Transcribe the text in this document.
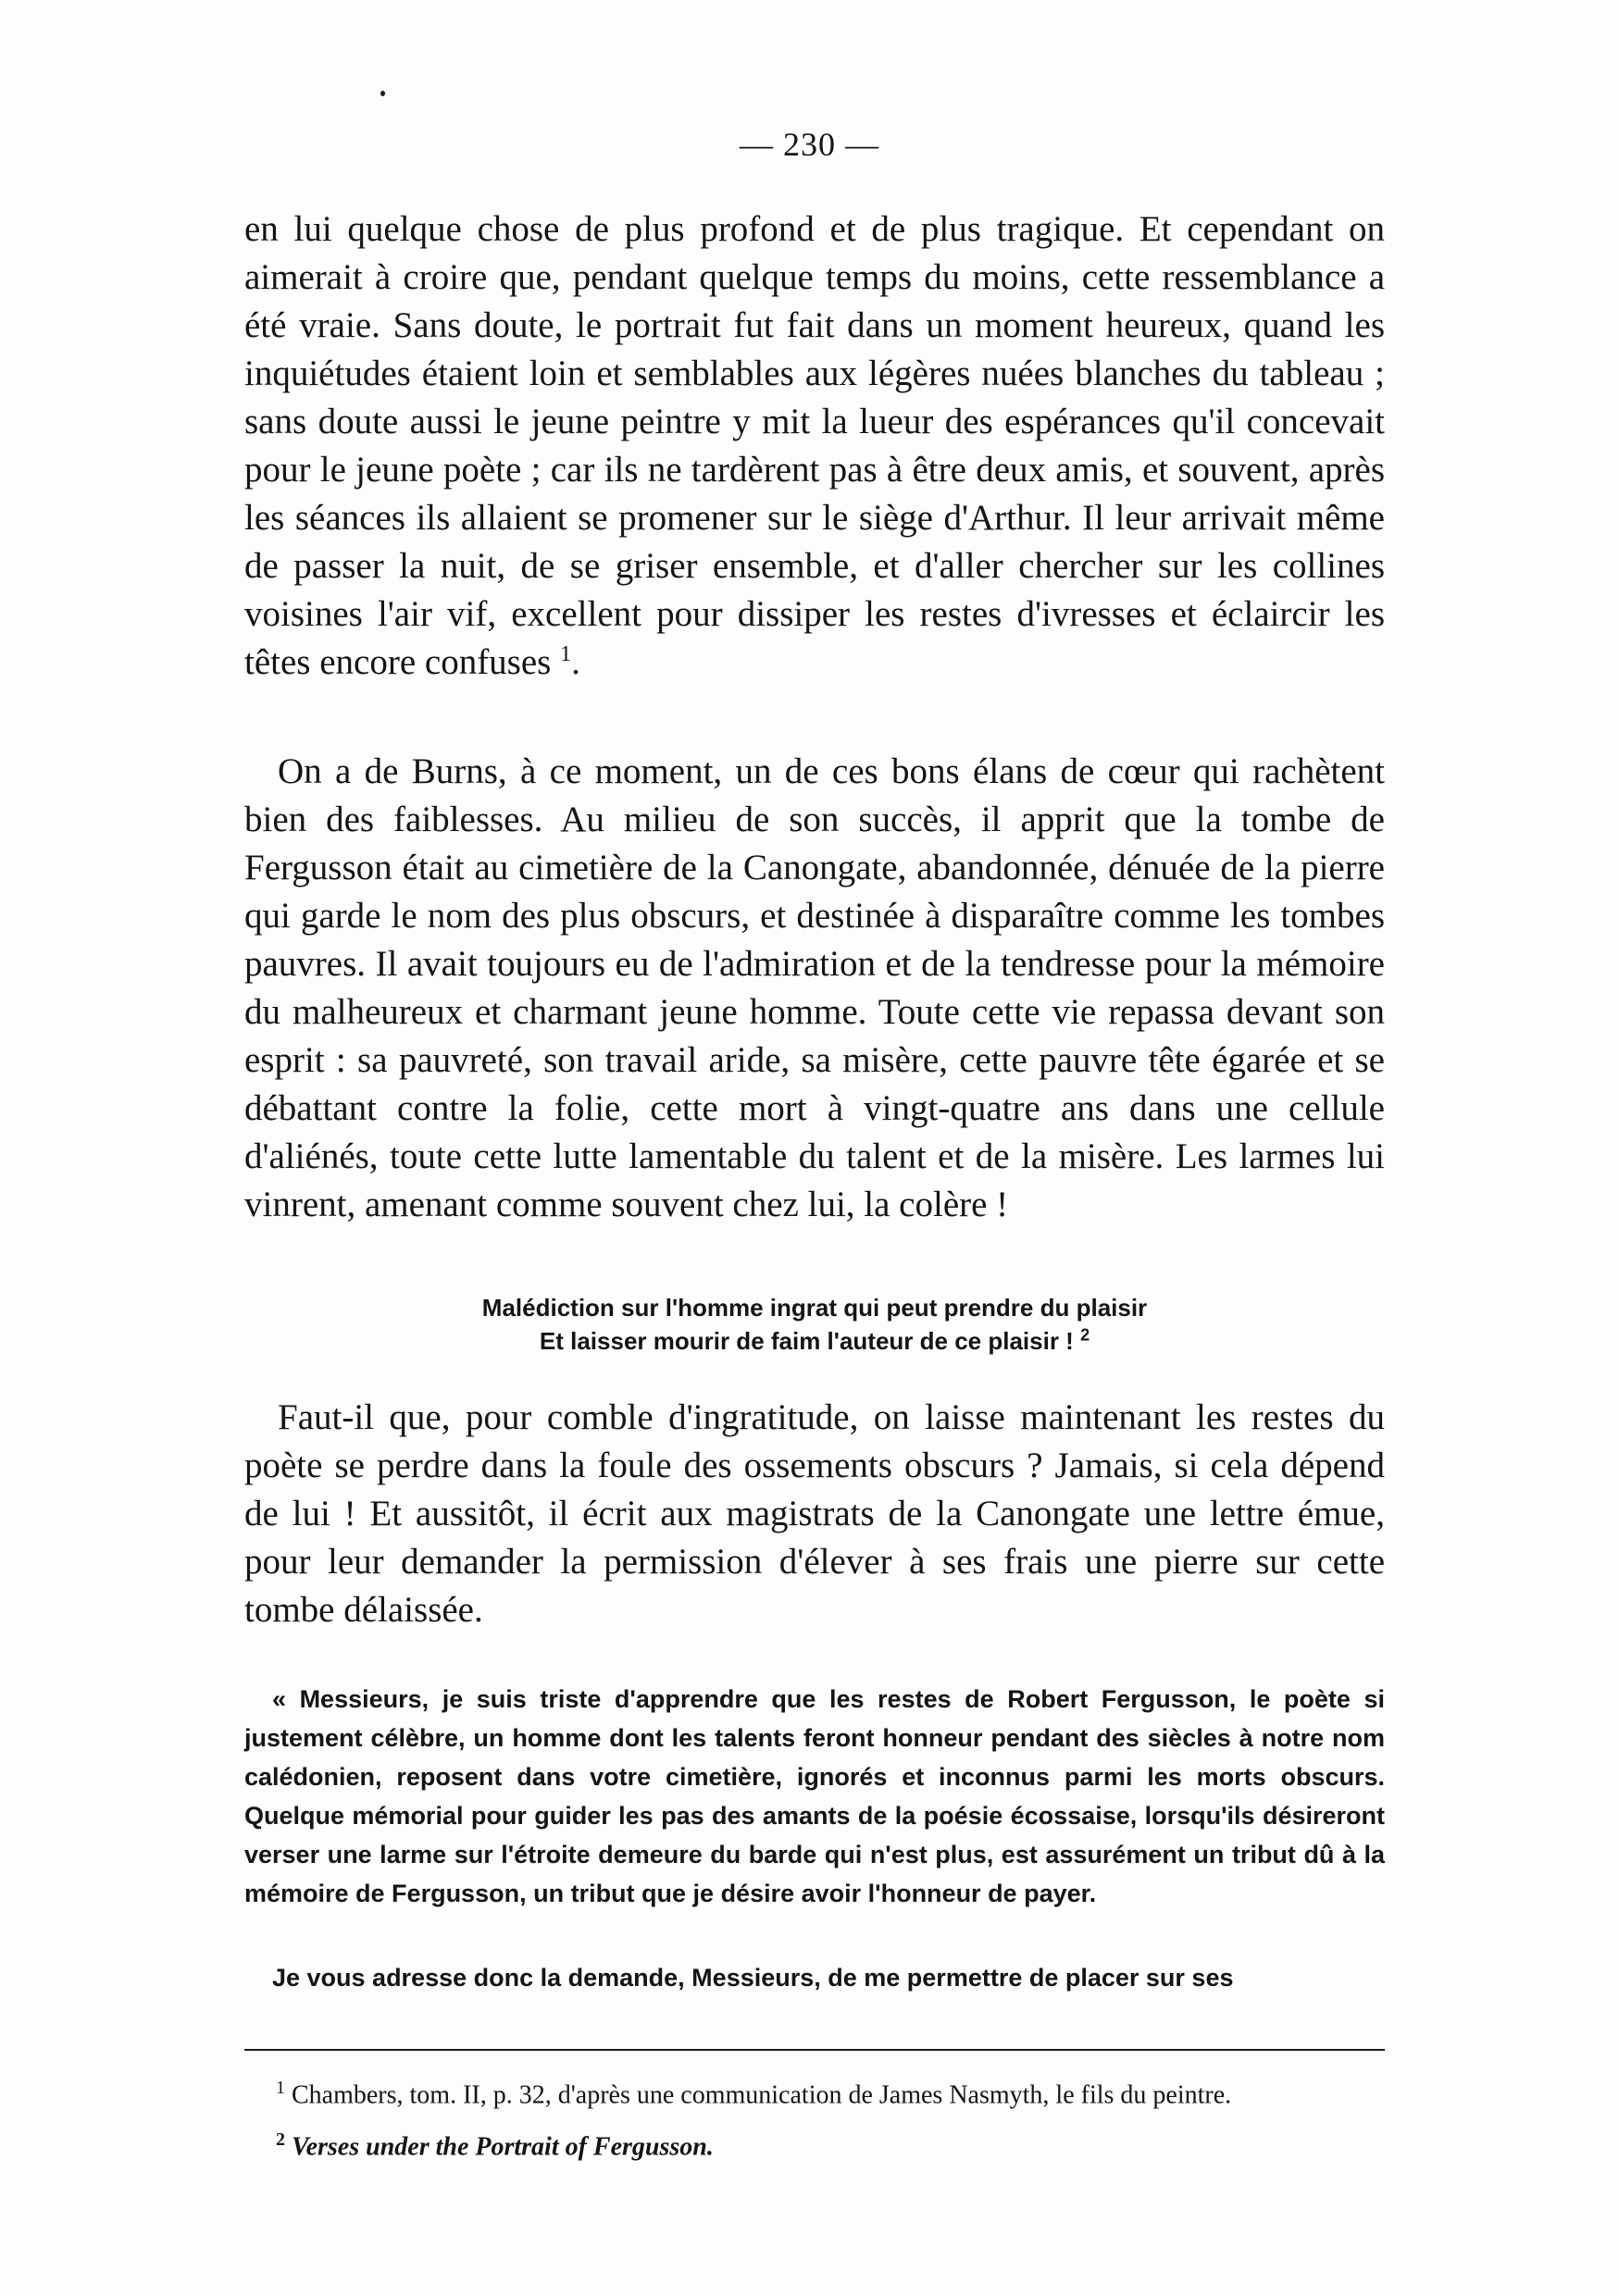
— 230 —

en lui quelque chose de plus profond et de plus tragique. Et cependant on aimerait à croire que, pendant quelque temps du moins, cette ressemblance a été vraie. Sans doute, le portrait fut fait dans un moment heureux, quand les inquiétudes étaient loin et semblables aux légères nuées blanches du tableau ; sans doute aussi le jeune peintre y mit la lueur des espérances qu'il concevait pour le jeune poète ; car ils ne tardèrent pas à être deux amis, et souvent, après les séances ils allaient se promener sur le siège d'Arthur. Il leur arrivait même de passer la nuit, de se griser ensemble, et d'aller chercher sur les collines voisines l'air vif, excellent pour dissiper les restes d'ivresses et éclaircir les têtes encore confuses $^1$.

On a de Burns, à ce moment, un de ces bons élans de cœur qui rachètent bien des faiblesses. Au milieu de son succès, il apprit que la tombe de Fergusson était au cimetière de la Canongate, abandonnée, dénuée de la pierre qui garde le nom des plus obscurs, et destinée à disparaître comme les tombes pauvres. Il avait toujours eu de l'admiration et de la tendresse pour la mémoire du malheureux et charmant jeune homme. Toute cette vie repassa devant son esprit : sa pauvreté, son travail aride, sa misère, cette pauvre tête égarée et se débattant contre la folie, cette mort à vingt-quatre ans dans une cellule d'aliénés, toute cette lutte lamentable du talent et de la misère. Les larmes lui vinrent, amenant comme souvent chez lui, la colère !

Malédiction sur l'homme ingrat qui peut prendre du plaisir
Et laisser mourir de faim l'auteur de ce plaisir ! $^2$

Faut-il que, pour comble d'ingratitude, on laisse maintenant les restes du poète se perdre dans la foule des ossements obscurs ? Jamais, si cela dépend de lui ! Et aussitôt, il écrit aux magistrats de la Canongate une lettre émue, pour leur demander la permission d'élever à ses frais une pierre sur cette tombe délaissée.

« Messieurs, je suis triste d'apprendre que les restes de Robert Fergusson, le poète si justement célèbre, un homme dont les talents feront honneur pendant des siècles à notre nom calédonien, reposent dans votre cimetière, ignorés et inconnus parmi les morts obscurs. Quelque mémorial pour guider les pas des amants de la poésie écossaise, lorsqu'ils désireront verser une larme sur l'étroite demeure du barde qui n'est plus, est assurément un tribut dû à la mémoire de Fergusson, un tribut que je désire avoir l'honneur de payer.

Je vous adresse donc la demande, Messieurs, de me permettre de placer sur ses

$^1$ Chambers, tom. II, p. 32, d'après une communication de James Nasmyth, le fils du peintre.

$^2$ Verses under the Portrait of Fergusson.
